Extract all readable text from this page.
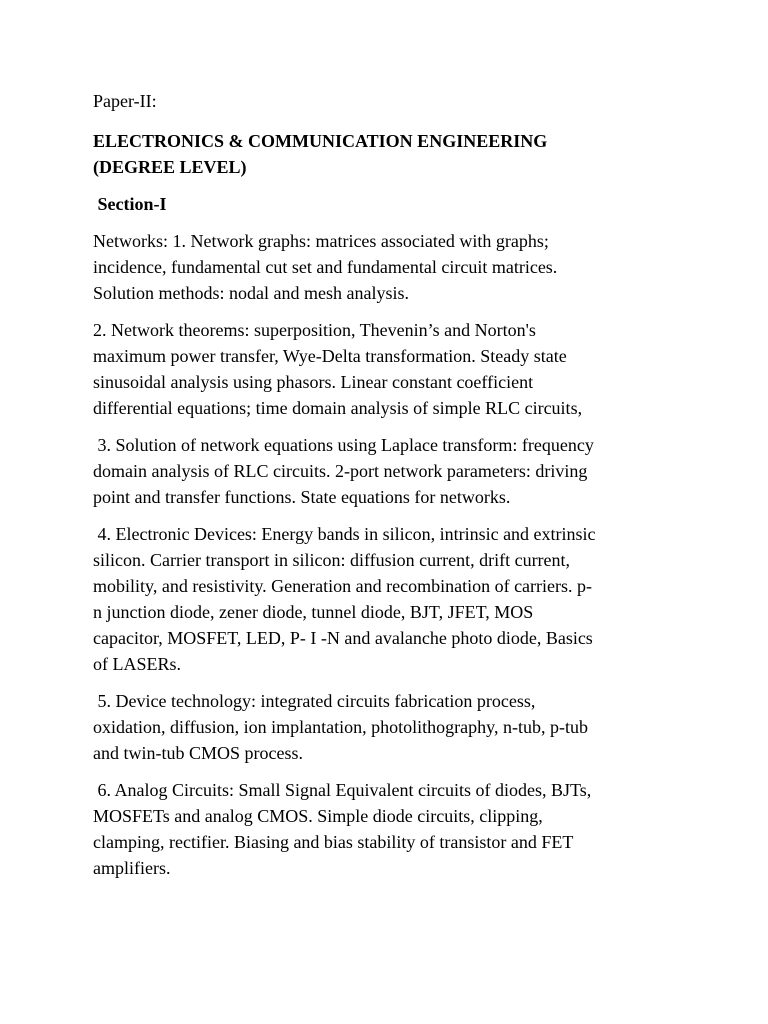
Paper-II:

ELECTRONICS & COMMUNICATION ENGINEERING

(DEGREE LEVEL)

Section-I

Networks: 1. Network graphs: matrices associated with graphs;
incidence, fundamental cut set and fundamental circuit matrices.
Solution methods: nodal and mesh analysis.

2. Network theorems: superposition, Thevenin’s and Norton's
maximum power transfer, Wye-Delta transformation. Steady state
sinusoidal analysis using phasors. Linear constant coefficient
differential equations; time domain analysis of simple RLC circuits,

3. Solution of network equations using Laplace transform: frequency
domain analysis of RLC circuits. 2-port network parameters: driving
point and transfer functions. State equations for networks.

4. Electronic Devices: Energy bands in silicon, intrinsic and extrinsic
silicon. Carrier transport in silicon: diffusion current, drift current,
mobility, and resistivity. Generation and recombination of carriers. p-
n junction diode, zener diode, tunnel diode, BJT, JFET, MOS
capacitor, MOSFET, LED, P- I -N and avalanche photo diode, Basics
of LASERs.

5. Device technology: integrated circuits fabrication process,
oxidation, diffusion, ion implantation, photolithography, n-tub, p-tub
and twin-tub CMOS process.

6. Analog Circuits: Small Signal Equivalent circuits of diodes, BJTs,
MOSFETs and analog CMOS. Simple diode circuits, clipping,
clamping, rectifier. Biasing and bias stability of transistor and FET
amplifiers.
